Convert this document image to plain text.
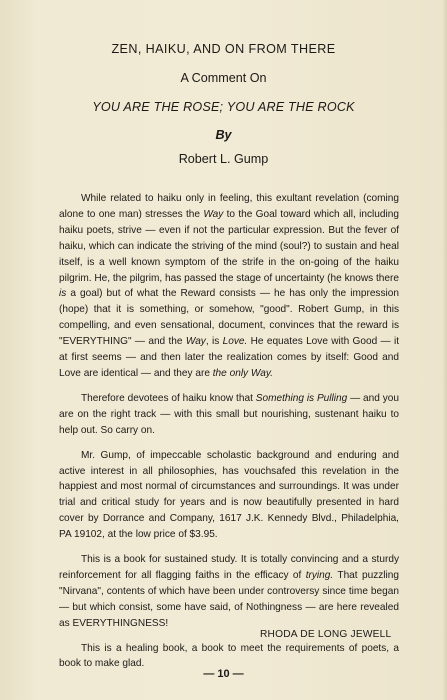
ZEN, HAIKU, AND ON FROM THERE
A Comment On
YOU ARE THE ROSE; YOU ARE THE ROCK
By
Robert L. Gump

While related to haiku only in feeling, this exultant revelation (coming alone to one man) stresses the Way to the Goal toward which all, including haiku poets, strive — even if not the particular expression. But the fever of haiku, which can indicate the striving of the mind (soul?) to sustain and heal itself, is a well known symptom of the strife in the on-going of the haiku pilgrim. He, the pilgrim, has passed the stage of uncertainty (he knows there is a goal) but of what the Reward consists — he has only the impression (hope) that it is something, or somehow, "good". Robert Gump, in this compelling, and even sensational, document, convinces that the reward is "EVERYTHING" — and the Way, is Love. He equates Love with Good — it at first seems — and then later the realization comes by itself: Good and Love are identical — and they are the only Way.

Therefore devotees of haiku know that Something is Pulling — and you are on the right track — with this small but nourishing, sustenant haiku to help out. So carry on.

Mr. Gump, of impeccable scholastic background and enduring and active interest in all philosophies, has vouchsafed this revelation in the happiest and most normal of circumstances and surroundings. It was under trial and critical study for years and is now beautifully presented in hard cover by Dorrance and Company, 1617 J.K. Kennedy Blvd., Philadelphia, PA 19102, at the low price of $3.95.

This is a book for sustained study. It is totally convincing and a sturdy reinforcement for all flagging faiths in the efficacy of trying. That puzzling "Nirvana", contents of which have been under controversy since time began — but which consist, some have said, of Nothingness — are here revealed as EVERYTHINGNESS!

This is a healing book, a book to meet the requirements of poets, a book to make glad.

RHODA DE LONG JEWELL
— 10 —
